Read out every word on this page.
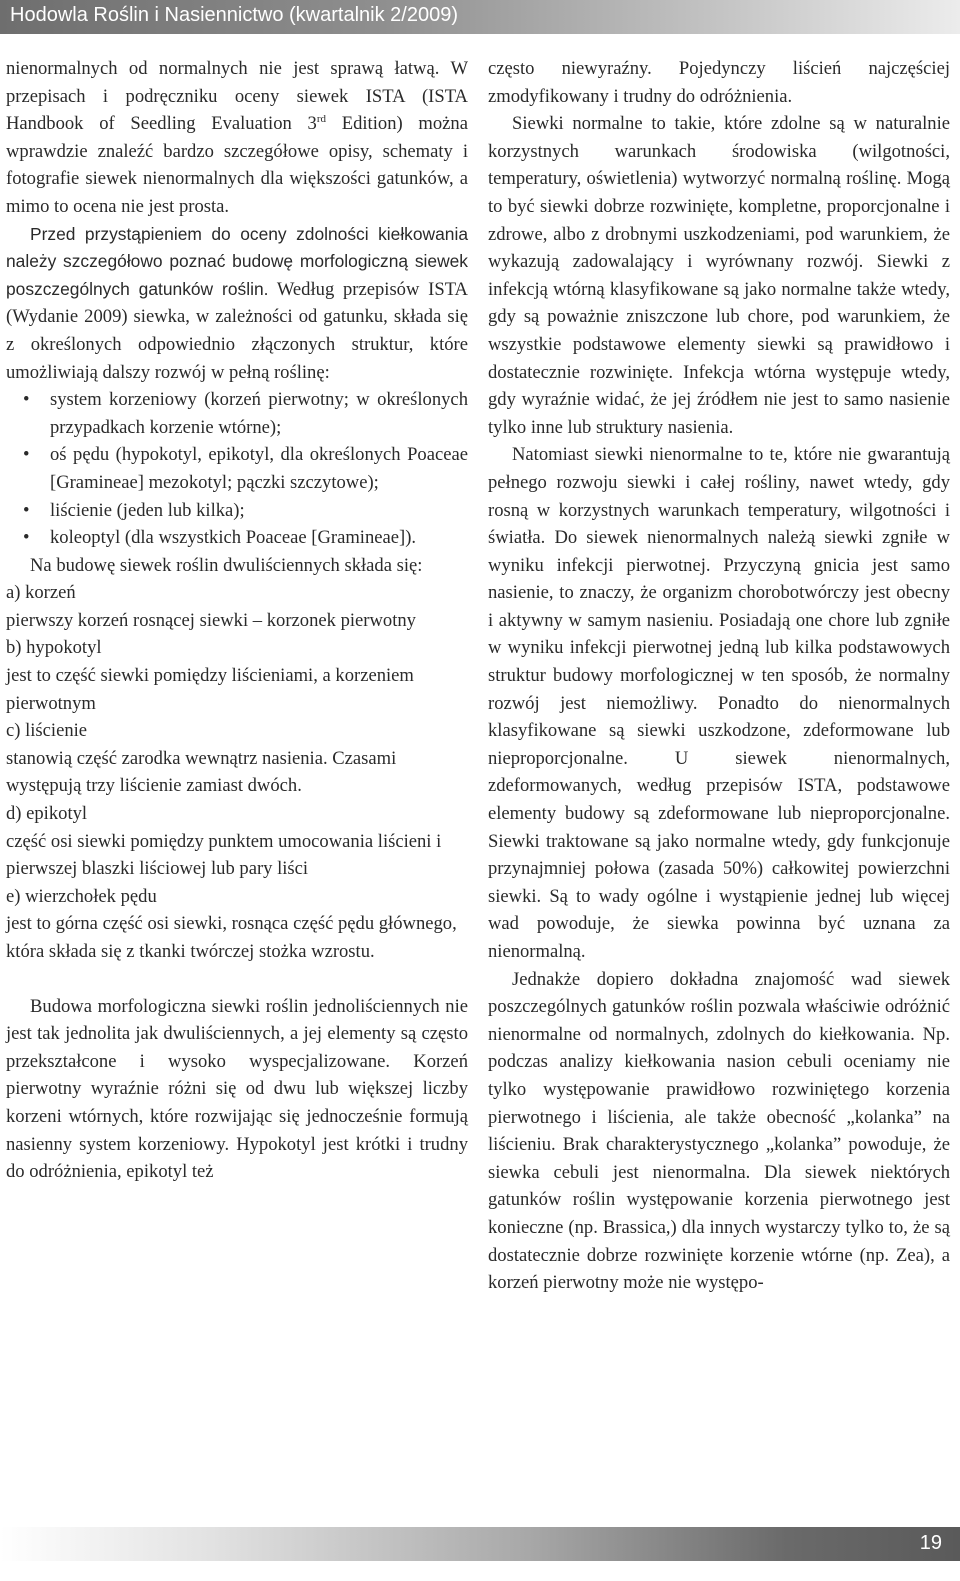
Hodowla Roślin i Nasiennictwo (kwartalnik 2/2009)

nienormalnych od normalnych nie jest sprawą łatwą. W przepisach i podręczniku oceny siewek ISTA (ISTA Handbook of Seedling Evaluation 3rd Edition) można wprawdzie znaleźć bardzo szczegółowe opisy, schematy i fotografie siewek nienormalnych dla większości gatunków, a mimo to ocena nie jest prosta.

Przed przystąpieniem do oceny zdolności kiełkowania należy szczegółowo poznać budowę morfologiczną siewek poszczególnych gatunków roślin. Według przepisów ISTA (Wydanie 2009) siewka, w zależności od gatunku, składa się z określonych odpowiednio złączonych struktur, które umożliwiają dalszy rozwój w pełną roślinę:

• system korzeniowy (korzeń pierwotny; w określonych przypadkach korzenie wtórne);
• oś pędu (hypokotyl, epikotyl, dla określonych Poaceae [Gramineae] mezokotyl; pączki szczytowe);
• liścienie (jeden lub kilka);
• koleoptyl (dla wszystkich Poaceae [Gramineae]).

Na budowę siewek roślin dwuliściennych składa się:

a) korzeń

pierwszy korzeń rosnącej siewki – korzonek pierwotny

b) hypokotyl

jest to część siewki pomiędzy liścieniami, a korzeniem pierwotnym

c) liścienie

stanowią część zarodka wewnątrz nasienia. Czasami występują trzy liścienie zamiast dwóch.

d) epikotyl

część osi siewki pomiędzy punktem umocowania liścieni i pierwszej blaszki liściowej lub pary liści

e) wierzchołek pędu

jest to górna część osi siewki, rosnąca część pędu głównego, która składa się z tkanki twórczej stożka wzrostu.

Budowa morfologiczna siewki roślin jednoliściennych nie jest tak jednolita jak dwuliściennych, a jej elementy są często przekształcone i wysoko wyspecjalizowane. Korzeń pierwotny wyraźnie różni się od dwu lub większej liczby korzeni wtórnych, które rozwijając się jednocześnie formują nasienny system korzeniowy. Hypokotyl jest krótki i trudny do odróżnienia, epikotyl też

często niewyraźny. Pojedynczy liścień najczęściej zmodyfikowany i trudny do odróżnienia.

Siewki normalne to takie, które zdolne są w naturalnie korzystnych warunkach środowiska (wilgotności, temperatury, oświetlenia) wytworzyć normalną roślinę. Mogą to być siewki dobrze rozwinięte, kompletne, proporcjonalne i zdrowe, albo z drobnymi uszkodzeniami, pod warunkiem, że wykazują zadowalający i wyrównany rozwój. Siewki z infekcją wtórną klasyfikowane są jako normalne także wtedy, gdy są poważnie zniszczone lub chore, pod warunkiem, że wszystkie podstawowe elementy siewki są prawidłowo i dostatecznie rozwinięte. Infekcja wtórna występuje wtedy, gdy wyraźnie widać, że jej źródłem nie jest to samo nasienie tylko inne lub struktury nasienia.

Natomiast siewki nienormalne to te, które nie gwarantują pełnego rozwoju siewki i całej rośliny, nawet wtedy, gdy rosną w korzystnych warunkach temperatury, wilgotności i światła. Do siewek nienormalnych należą siewki zgniłe w wyniku infekcji pierwotnej. Przyczyną gnicia jest samo nasienie, to znaczy, że organizm chorobotwórczy jest obecny i aktywny w samym nasieniu. Posiadają one chore lub zgniłe w wyniku infekcji pierwotnej jedną lub kilka podstawowych struktur budowy morfologicznej w ten sposób, że normalny rozwój jest niemożliwy. Ponadto do nienormalnych klasyfikowane są siewki uszkodzone, zdeformowane lub nieproporcjonalne. U siewek nienormalnych, zdeformowanych, według przepisów ISTA, podstawowe elementy budowy są zdeformowane lub nieproporcjonalne. Siewki traktowane są jako normalne wtedy, gdy funkcjonuje przynajmniej połowa (zasada 50%) całkowitej powierzchni siewki. Są to wady ogólne i wystąpienie jednej lub więcej wad powoduje, że siewka powinna być uznana za nienormalną.

Jednakże dopiero dokładna znajomość wad siewek poszczególnych gatunków roślin pozwala właściwie odróżnić nienormalne od normalnych, zdolnych do kiełkowania. Np. podczas analizy kiełkowania nasion cebuli oceniamy nie tylko występowanie prawidłowo rozwiniętego korzenia pierwotnego i liścienia, ale także obecność „kolanka” na liścieniu. Brak charakterystycznego „kolanka” powoduje, że siewka cebuli jest nienormalna. Dla siewek niektórych gatunków roślin występowanie korzenia pierwotnego jest konieczne (np. Brassica,) dla innych wystarczy tylko to, że są dostatecznie dobrze rozwinięte korzenie wtórne (np. Zea), a korzeń pierwotny może nie występo-

19
